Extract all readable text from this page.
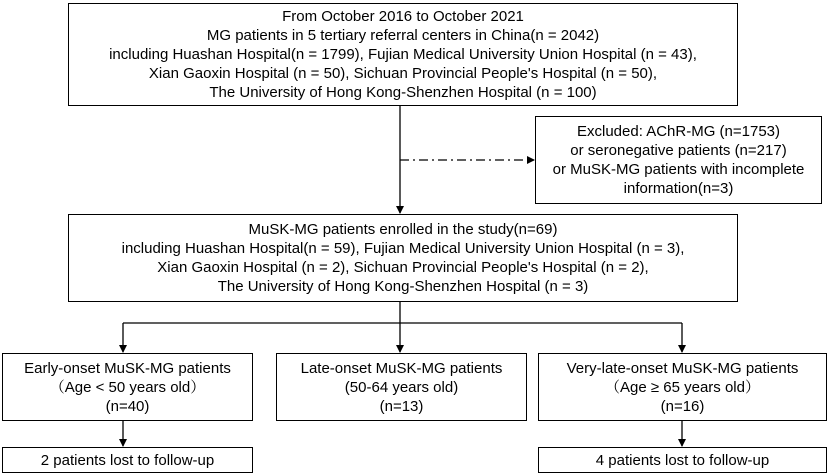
From October 2016 to October 2021
MG patients in 5 tertiary referral centers in China(n = 2042)
including Huashan Hospital(n = 1799), Fujian Medical University Union Hospital (n = 43),
Xian Gaoxin Hospital (n = 50), Sichuan Provincial People's Hospital (n = 50),
The University of Hong Kong-Shenzhen Hospital (n = 100)
Excluded: AChR-MG (n=1753)
or seronegative patients (n=217)
or MuSK-MG patients with incomplete
information(n=3)
MuSK-MG patients enrolled in the study(n=69)
including Huashan Hospital(n = 59), Fujian Medical University Union Hospital (n = 3),
Xian Gaoxin Hospital (n = 2), Sichuan Provincial People's Hospital (n = 2),
The University of Hong Kong-Shenzhen Hospital (n = 3)
Early-onset MuSK-MG patients
（Age < 50 years old）
(n=40)
Late-onset MuSK-MG patients
(50-64 years old)
(n=13)
Very-late-onset MuSK-MG patients
（Age ≥ 65 years old）
(n=16)
2 patients lost to follow-up	4 patients lost to follow-up
